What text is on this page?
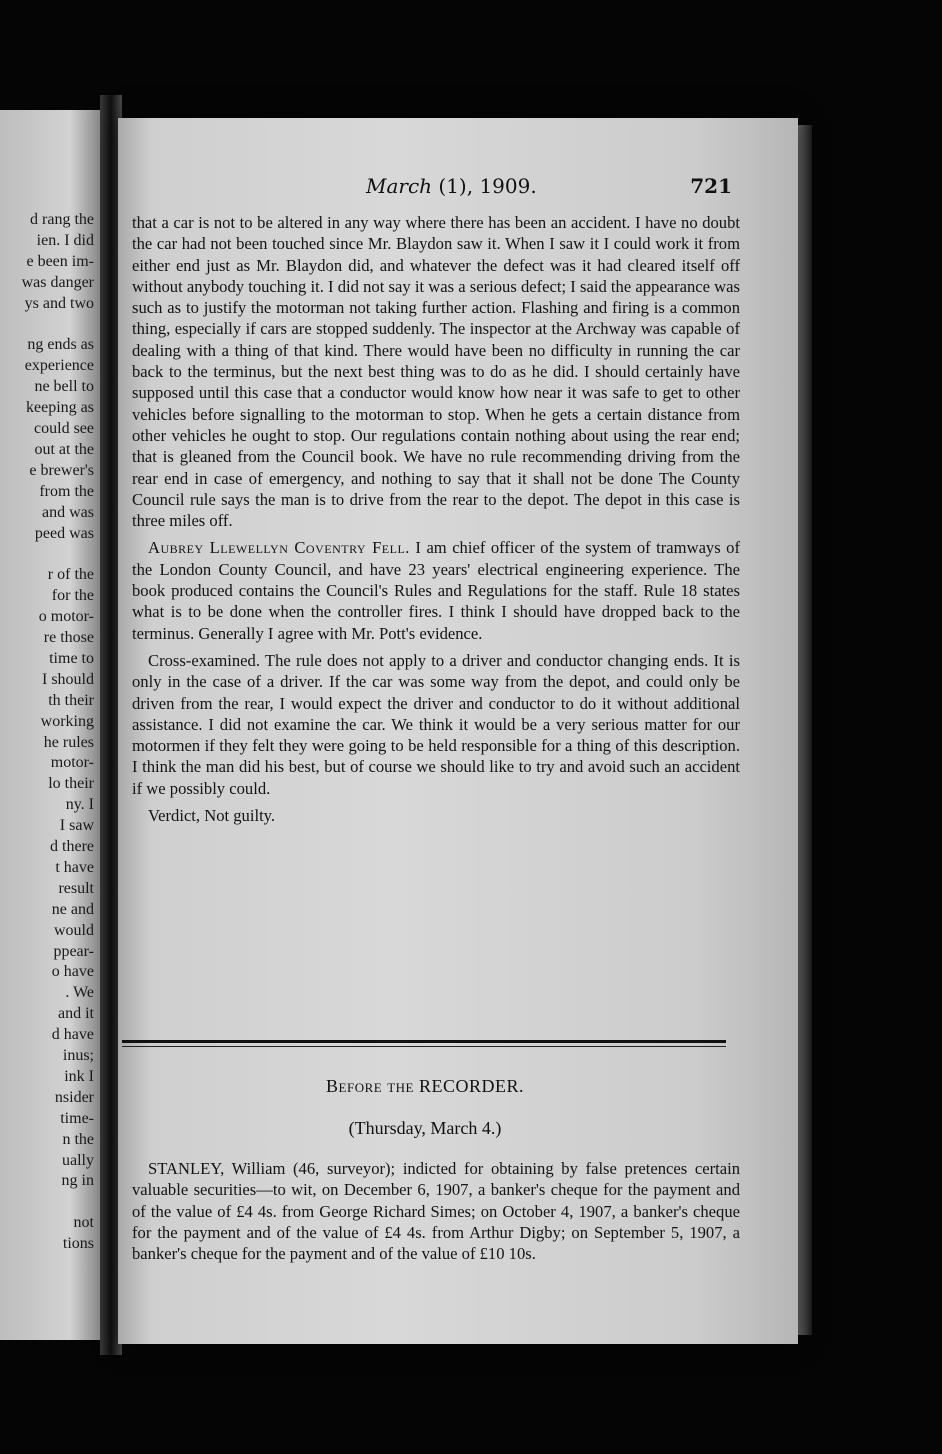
d rang the
ien. I did
e been im-
was danger
ys and two
ng ends as
experience
ne bell to
keeping as
could see
out at the
e brewer's
from the
and was
peed was
r of the
for the
o motor-
re those
time to
I should
th their
working
he rules
motor-
lo their
ny. I
I saw
d there
t have
result
ne and
would
ppear-
o have
. We
and it
d have
inus;
ink I
nsider
time-
n the
ually
ng in
not
tions
March (1), 1909.	721

that a car is not to be altered in any way where there has been an accident. I have no doubt the car had not been touched since Mr. Blaydon saw it. When I saw it I could work it from either end just as Mr. Blaydon did, and whatever the defect was it had cleared itself off without anybody touching it. I did not say it was a serious defect; I said the appearance was such as to justify the motorman not taking further action. Flashing and firing is a common thing, especially if cars are stopped suddenly. The inspector at the Archway was capable of dealing with a thing of that kind. There would have been no difficulty in running the car back to the terminus, but the next best thing was to do as he did. I should certainly have supposed until this case that a conductor would know how near it was safe to get to other vehicles before signalling to the motorman to stop. When he gets a certain distance from other vehicles he ought to stop. Our regulations contain nothing about using the rear end; that is gleaned from the Council book. We have no rule recommending driving from the rear end in case of emergency, and nothing to say that it shall not be done The County Council rule says the man is to drive from the rear to the depot. The depot in this case is three miles off.

Aubrey Llewellyn Coventry Fell. I am chief officer of the system of tramways of the London County Council, and have 23 years' electrical engineering experience. The book produced contains the Council's Rules and Regulations for the staff. Rule 18 states what is to be done when the controller fires. I think I should have dropped back to the terminus. Generally I agree with Mr. Pott's evidence.

Cross-examined. The rule does not apply to a driver and conductor changing ends. It is only in the case of a driver. If the car was some way from the depot, and could only be driven from the rear, I would expect the driver and conductor to do it without additional assistance. I did not examine the car. We think it would be a very serious matter for our motormen if they felt they were going to be held responsible for a thing of this description. I think the man did his best, but of course we should like to try and avoid such an accident if we possibly could.

Verdict, Not guilty.

Before the RECORDER.
(Thursday, March 4.)
STANLEY, William (46, surveyor); indicted for obtaining by false pretences certain valuable securities—to wit, on December 6, 1907, a banker's cheque for the payment and of the value of £4 4s. from George Richard Simes; on October 4, 1907, a banker's cheque for the payment and of the value of £4 4s. from Arthur Digby; on September 5, 1907, a banker's cheque for the payment and of the value of £10 10s.
